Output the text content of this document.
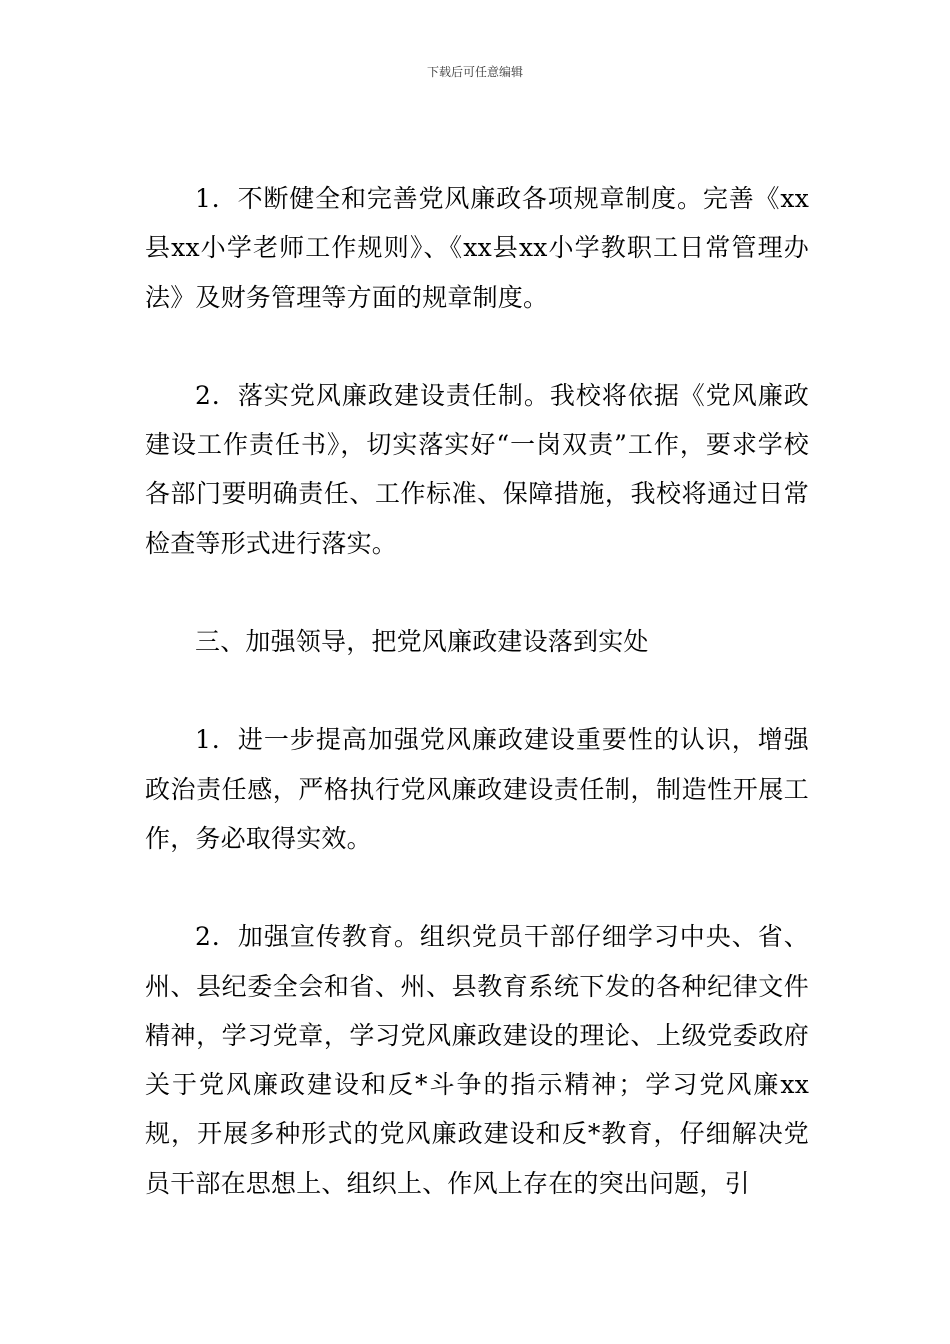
下载后可任意编辑

1．不断健全和完善党风廉政各项规章制度。完善《xx县xx小学老师工作规则》、《xx县xx小学教职工日常管理办法》及财务管理等方面的规章制度。

2．落实党风廉政建设责任制。我校将依据《党风廉政建设工作责任书》，切实落实好“一岗双责”工作，要求学校各部门要明确责任、工作标准、保障措施，我校将通过日常检查等形式进行落实。

三、加强领导，把党风廉政建设落到实处

1．进一步提高加强党风廉政建设重要性的认识，增强政治责任感，严格执行党风廉政建设责任制，制造性开展工作，务必取得实效。

2．加强宣传教育。组织党员干部仔细学习中央、省、州、县纪委全会和省、州、县教育系统下发的各种纪律文件精神，学习党章，学习党风廉政建设的理论、上级党委政府关于党风廉政建设和反*斗争的指示精神；学习党风廉xx规，开展多种形式的党风廉政建设和反*教育，仔细解决党员干部在思想上、组织上、作风上存在的突出问题，引
